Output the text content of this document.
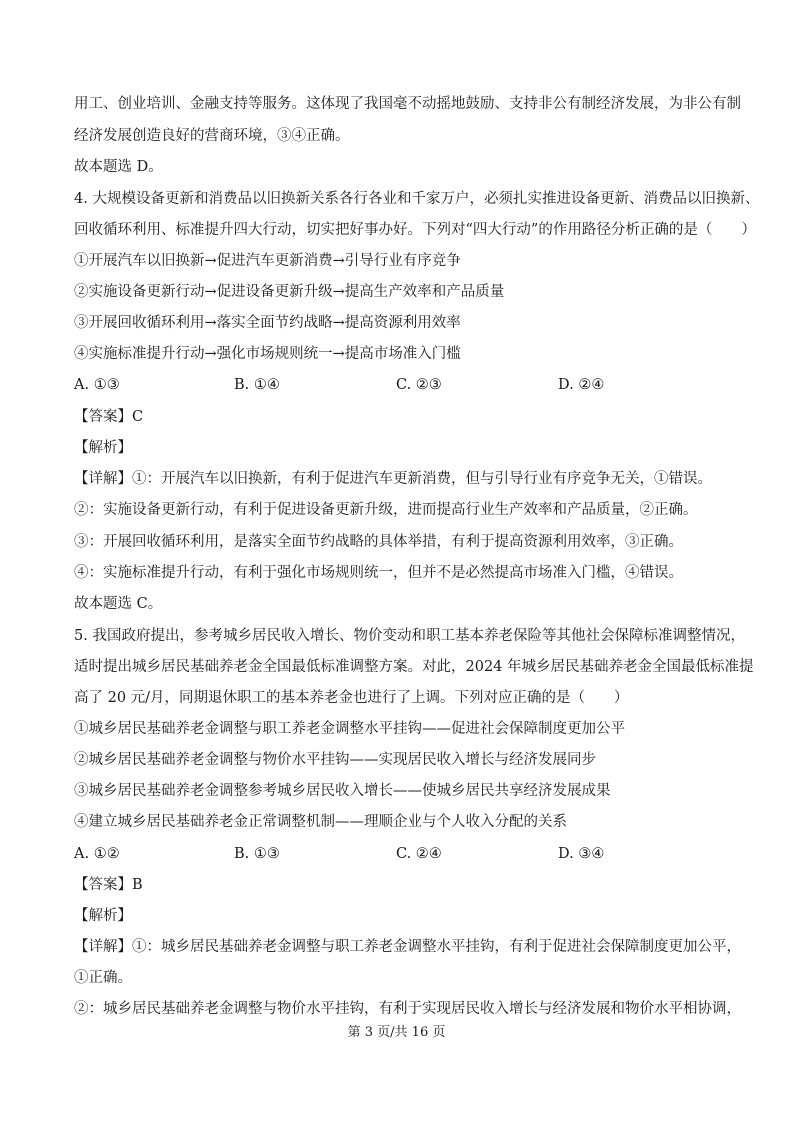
用工、创业培训、金融支持等服务。这体现了我国毫不动摇地鼓励、支持非公有制经济发展，为非公有制
经济发展创造良好的营商环境，③④正确。
故本题选 D。
4. 大规模设备更新和消费品以旧换新关系各行各业和千家万户，必须扎实推进设备更新、消费品以旧换新、
回收循环利用、标准提升四大行动，切实把好事办好。下列对“四大行动”的作用路径分析正确的是（　　）
①开展汽车以旧换新→促进汽车更新消费→引导行业有序竞争
②实施设备更新行动→促进设备更新升级→提高生产效率和产品质量
③开展回收循环利用→落实全面节约战略→提高资源利用效率
④实施标准提升行动→强化市场规则统一→提高市场准入门槛
A. ①③	B. ①④	C. ②③	D. ②④
【答案】C
【解析】
【详解】①：开展汽车以旧换新，有利于促进汽车更新消费，但与引导行业有序竞争无关，①错误。
②：实施设备更新行动，有利于促进设备更新升级，进而提高行业生产效率和产品质量，②正确。
③：开展回收循环利用，是落实全面节约战略的具体举措，有利于提高资源利用效率，③正确。
④：实施标准提升行动，有利于强化市场规则统一，但并不是必然提高市场准入门槛，④错误。
故本题选 C。
5. 我国政府提出，参考城乡居民收入增长、物价变动和职工基本养老保险等其他社会保障标准调整情况，
适时提出城乡居民基础养老金全国最低标准调整方案。对此，2024 年城乡居民基础养老金全国最低标准提
高了 20 元/月，同期退休职工的基本养老金也进行了上调。下列对应正确的是（　　）
①城乡居民基础养老金调整与职工养老金调整水平挂钩——促进社会保障制度更加公平
②城乡居民基础养老金调整与物价水平挂钩——实现居民收入增长与经济发展同步
③城乡居民基础养老金调整参考城乡居民收入增长——使城乡居民共享经济发展成果
④建立城乡居民基础养老金正常调整机制——理顺企业与个人收入分配的关系
A. ①②	B. ①③	C. ②④	D. ③④
【答案】B
【解析】
【详解】①：城乡居民基础养老金调整与职工养老金调整水平挂钩，有利于促进社会保障制度更加公平，
①正确。
②：城乡居民基础养老金调整与物价水平挂钩，有利于实现居民收入增长与经济发展和物价水平相协调，
第 3 页/共 16 页
